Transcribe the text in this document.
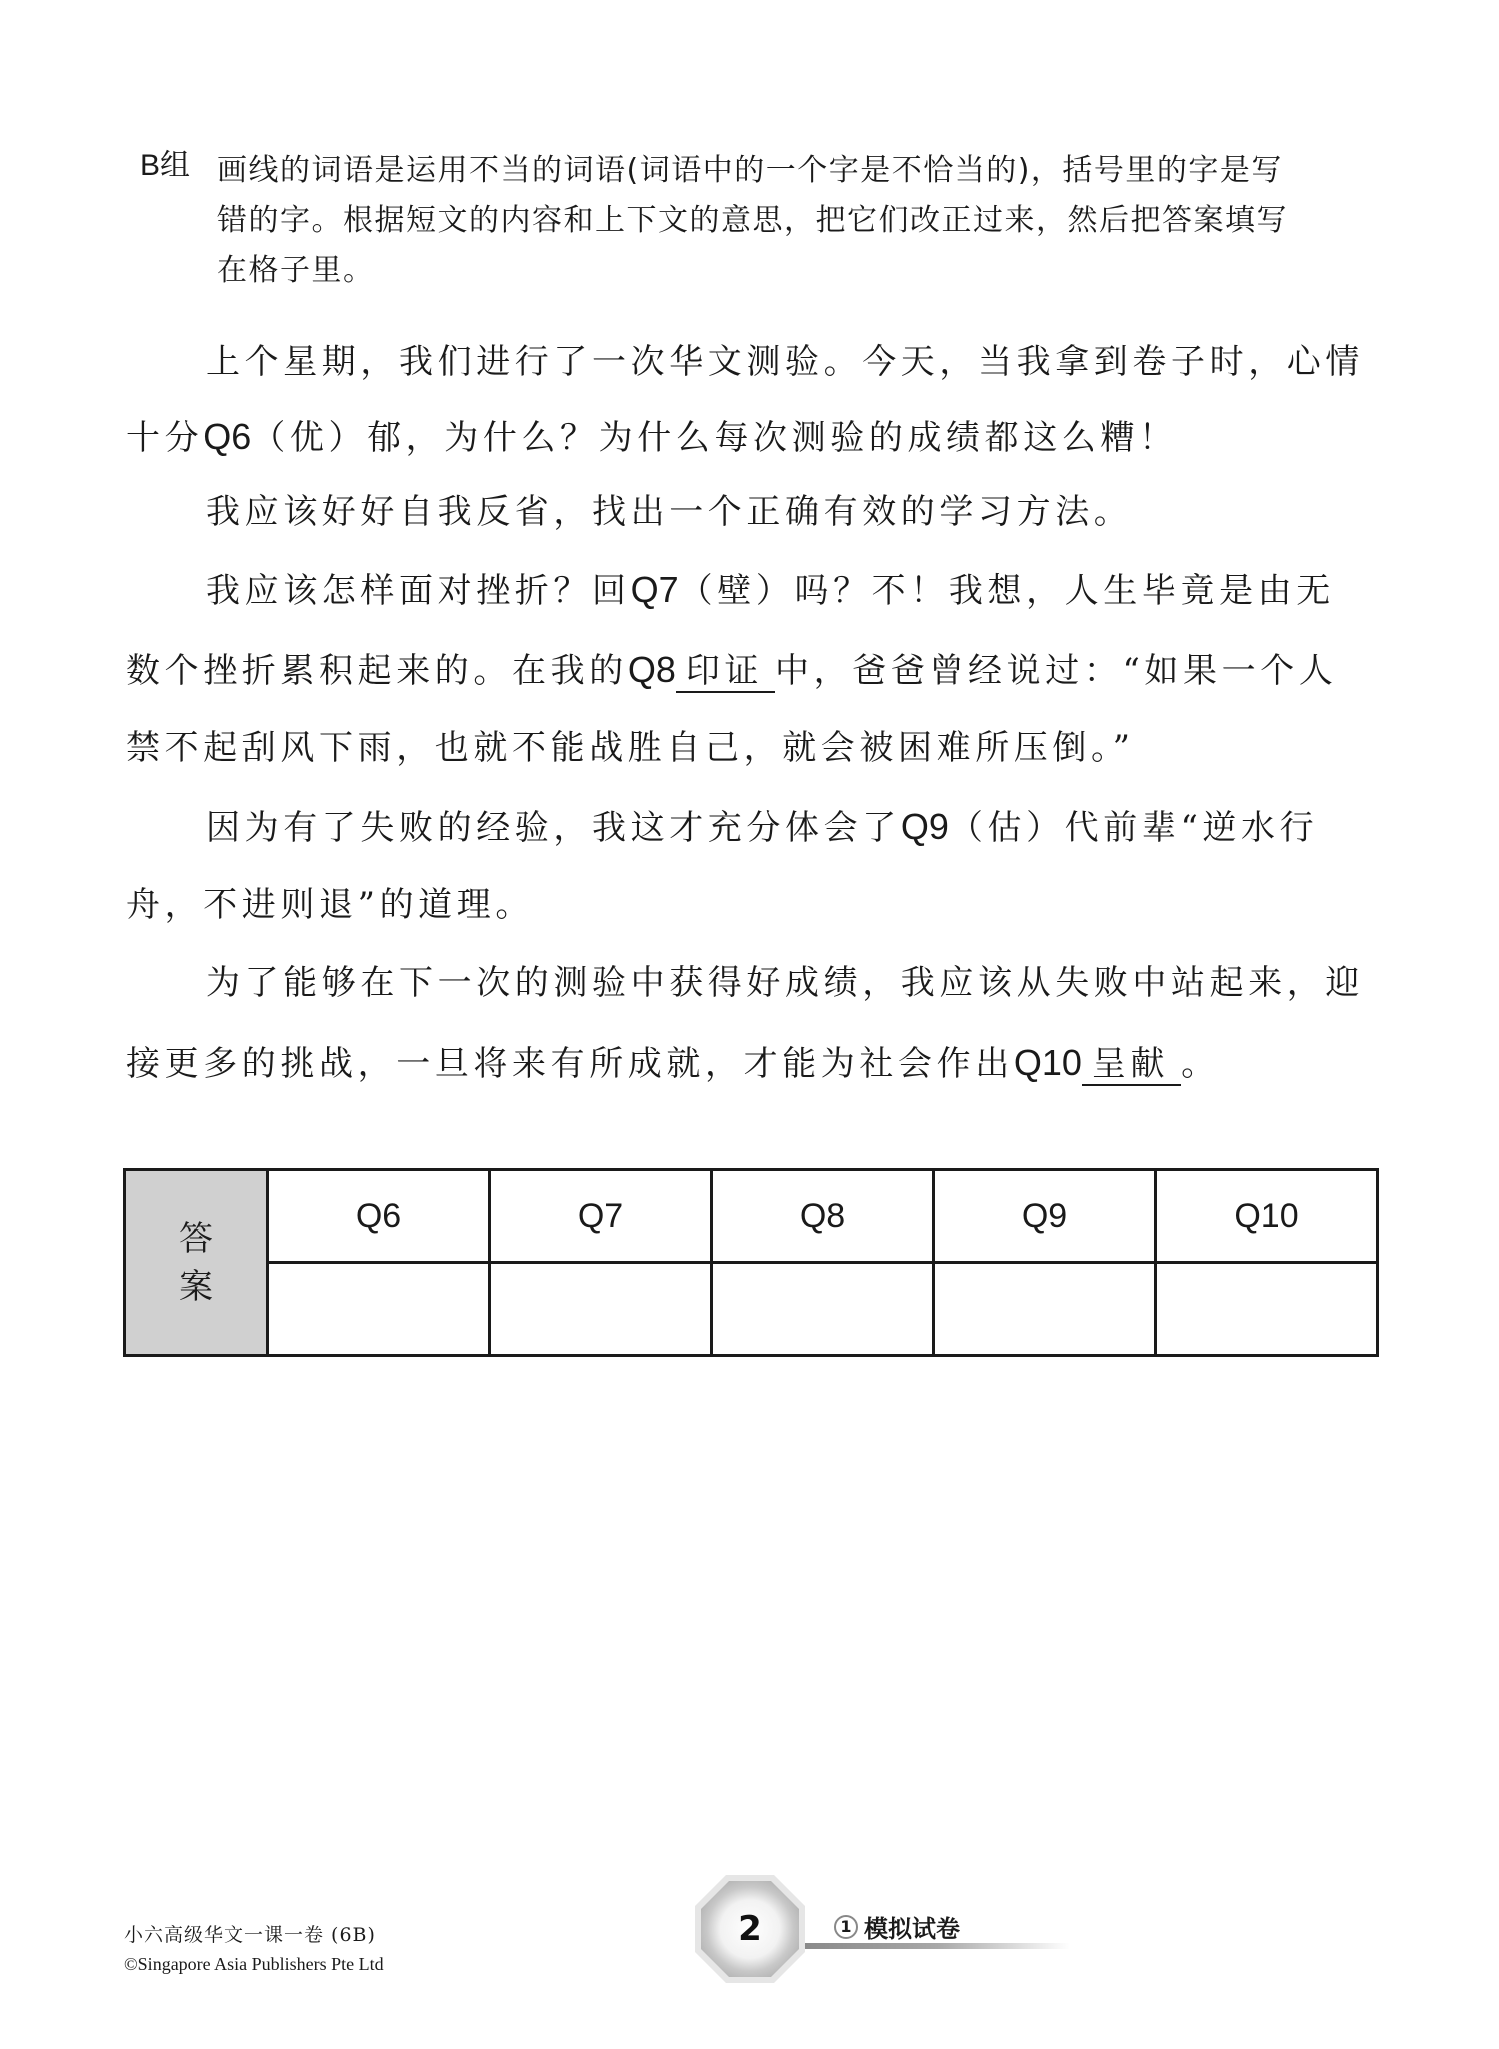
B组 画线的词语是运用不当的词语(词语中的一个字是不恰当的)，括号里的字是写
错的字。根据短文的内容和上下文的意思，把它们改正过来，然后把答案填写
在格子里。
上个星期，我们进行了一次华文测验。今天，当我拿到卷子时，心情
十分Q6（优）郁，为什么？为什么每次测验的成绩都这么糟！
我应该好好自我反省，找出一个正确有效的学习方法。
我应该怎样面对挫折？回Q7（壁）吗？不！我想，人生毕竟是由无
数个挫折累积起来的。在我的Q8 印证 中，爸爸曾经说过：“如果一个人
禁不起刮风下雨，也就不能战胜自己，就会被困难所压倒。”
因为有了失败的经验，我这才充分体会了Q9（估）代前辈“逆水行
舟，不进则退”的道理。
为了能够在下一次的测验中获得好成绩，我应该从失败中站起来，迎
接更多的挑战，一旦将来有所成就，才能为社会作出Q10 呈献 。
答
案	Q6	Q7	Q8	Q9	Q10

小六高级华文一课一卷 (6B)
©Singapore Asia Publishers Pte Ltd
2	1 模拟试卷
